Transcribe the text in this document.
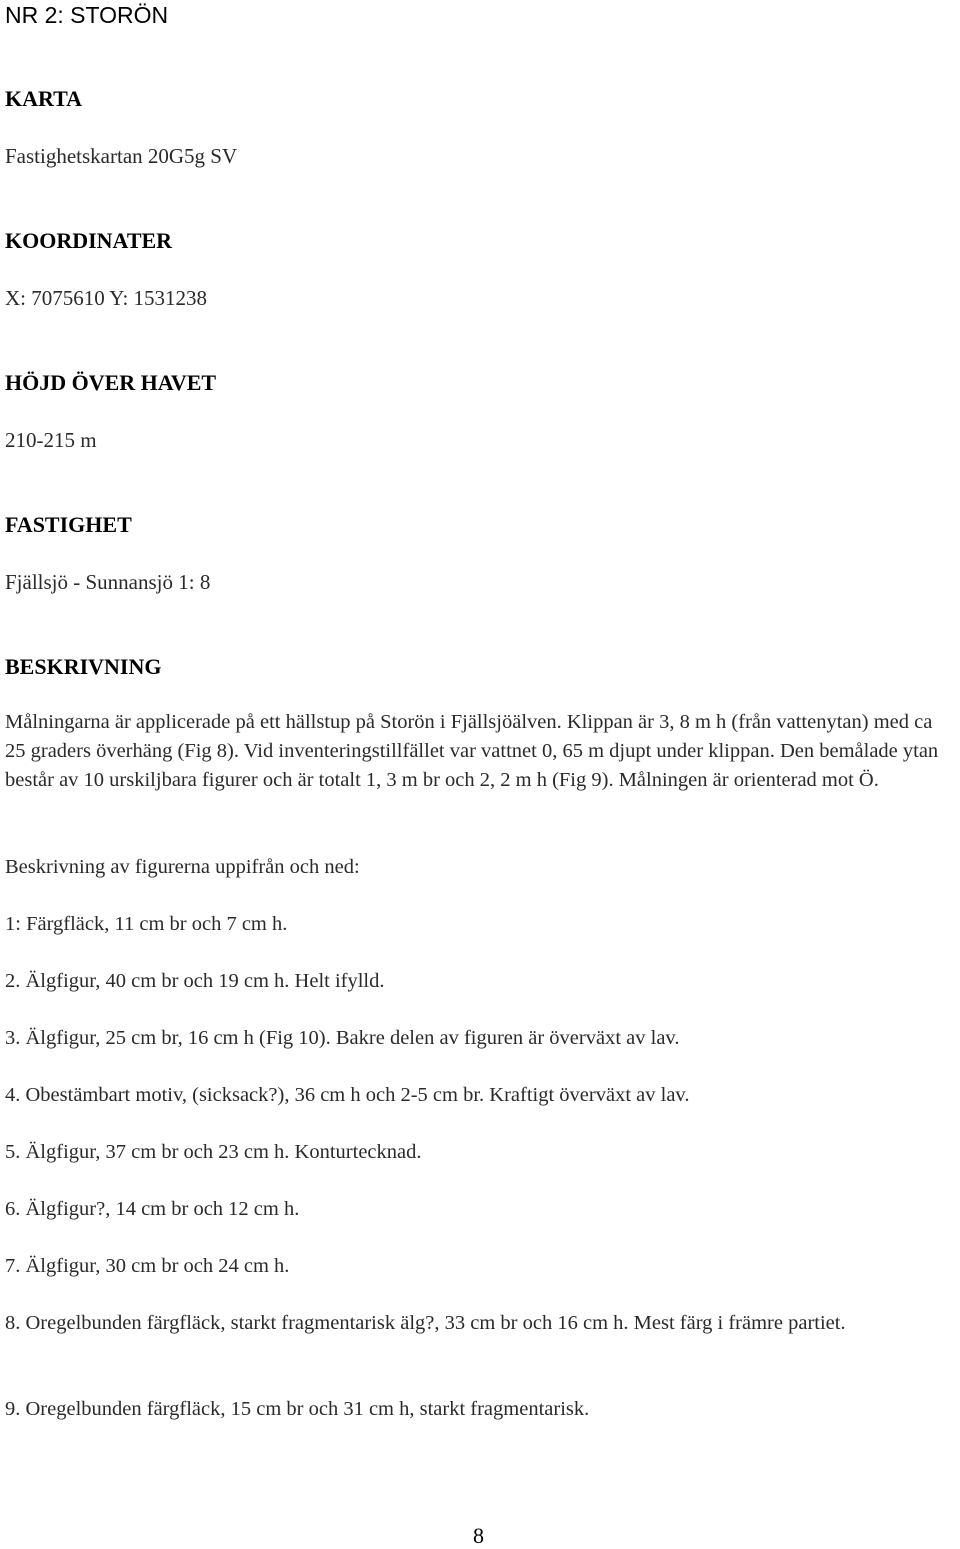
NR 2: STORÖN
KARTA

Fastighetskartan 20G5g SV

KOORDINATER

X: 7075610 Y: 1531238

HÖJD ÖVER HAVET

210-215 m

FASTIGHET

Fjällsjö - Sunnansjö 1: 8

BESKRIVNING

Målningarna är applicerade på ett hällstup på Storön i Fjällsjöälven. Klippan är 3, 8 m h (från vattenytan) med ca 25 graders överhäng (Fig 8). Vid inventeringstillfället var vattnet 0, 65 m djupt under klippan. Den bemålade ytan består av 10 urskiljbara figurer och är totalt 1, 3 m br och 2, 2 m h (Fig 9). Målningen är orienterad mot Ö.

Beskrivning av figurerna uppifrån och ned:

1: Färgfläck, 11 cm br och 7 cm h.

2. Älgfigur, 40 cm br och 19 cm h. Helt ifylld.

3. Älgfigur, 25 cm br, 16 cm h (Fig 10). Bakre delen av figuren är överväxt av lav.

4. Obestämbart motiv, (sicksack?), 36 cm h och 2-5 cm br. Kraftigt överväxt av lav.

5. Älgfigur, 37 cm br och 23 cm h. Konturtecknad.

6. Älgfigur?, 14 cm br och 12 cm h.

7. Älgfigur, 30 cm br och 24 cm h.

8. Oregelbunden färgfläck, starkt fragmentarisk älg?, 33 cm br och 16 cm h. Mest färg i främre partiet.

9. Oregelbunden färgfläck, 15 cm br och 31 cm h, starkt fragmentarisk.

8
